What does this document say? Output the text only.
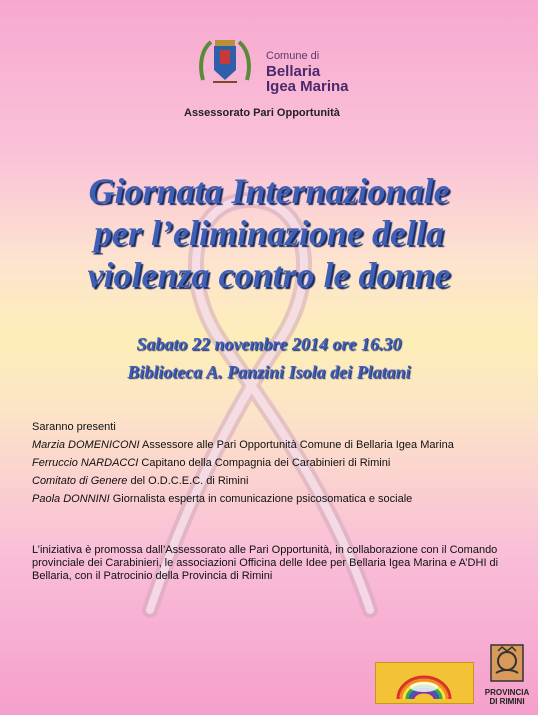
Comune di
Bellaria
Igea Marina
Assessorato Pari Opportunità
Giornata Internazionale
per l’eliminazione della
violenza contro le donne
Sabato 22 novembre 2014 ore 16.30
Biblioteca A. Panzini Isola dei Platani
Saranno presenti
Marzia DOMENICONI Assessore alle Pari Opportunità Comune di Bellaria Igea Marina
Ferruccio NARDACCI Capitano della Compagnia dei Carabinieri di Rimini
Comitato di Genere del O.D.C.E.C. di Rimini
Paola DONNINI Giornalista esperta in comunicazione psicosomatica e sociale
L’iniziativa è promossa dall’Assessorato alle Pari Opportunità, in collaborazione con il Comando provinciale dei Carabinieri, le associazioni Officina delle Idee per Bellaria Igea Marina e A’DHI di Bellaria, con il Patrocinio della Provincia di Rimini
PROVINCIA
DI RIMINI
